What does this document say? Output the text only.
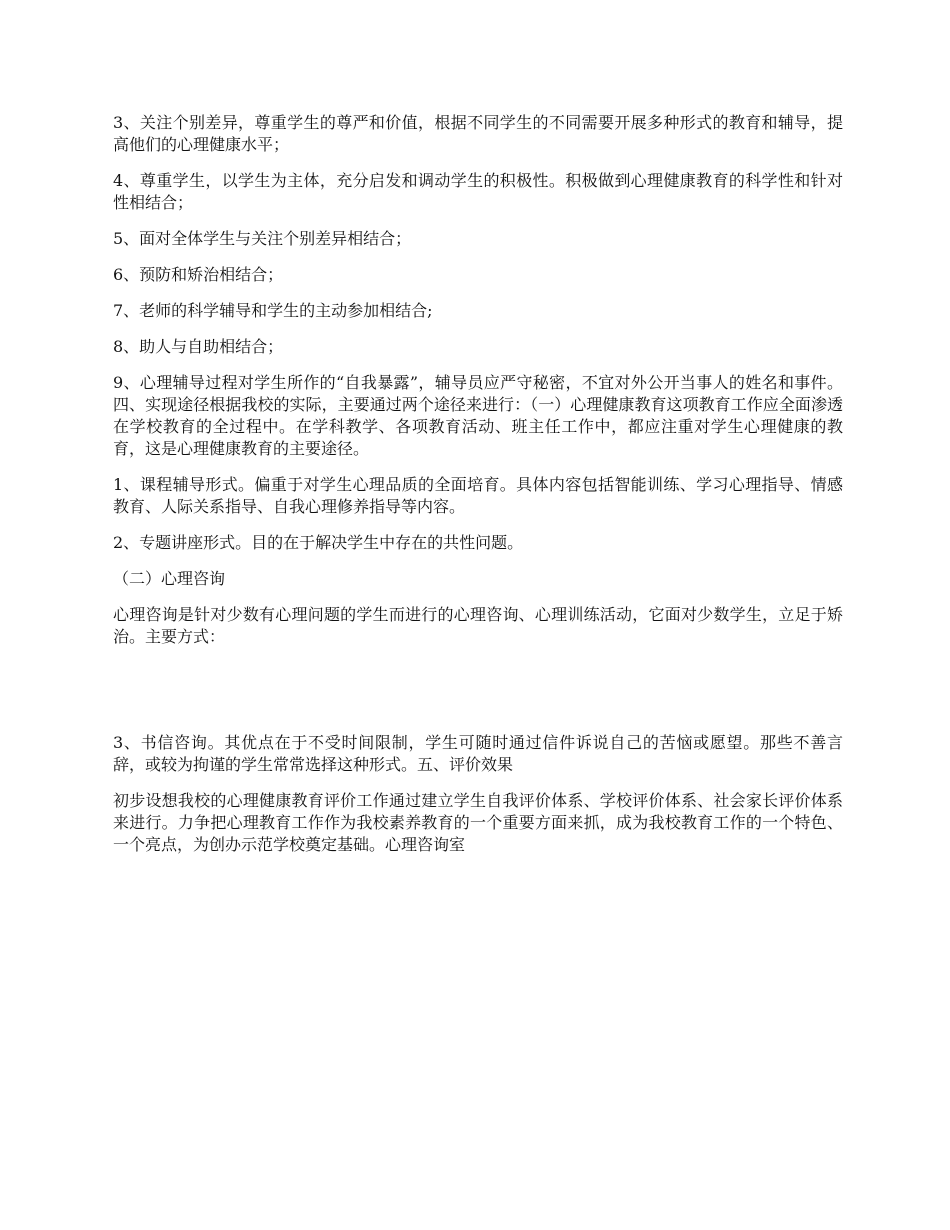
3、关注个别差异，尊重学生的尊严和价值，根据不同学生的不同需要开展多种形式的教育和辅导，提高他们的心理健康水平；

4、尊重学生，以学生为主体，充分启发和调动学生的积极性。积极做到心理健康教育的科学性和针对性相结合；

5、面对全体学生与关注个别差异相结合；

6、预防和矫治相结合；

7、老师的科学辅导和学生的主动参加相结合;

8、助人与自助相结合；

9、心理辅导过程对学生所作的“自我暴露”，辅导员应严守秘密，不宜对外公开当事人的姓名和事件。四、实现途径根据我校的实际，主要通过两个途径来进行：（一）心理健康教育这项教育工作应全面渗透在学校教育的全过程中。在学科教学、各项教育活动、班主任工作中，都应注重对学生心理健康的教育，这是心理健康教育的主要途径。

1、课程辅导形式。偏重于对学生心理品质的全面培育。具体内容包括智能训练、学习心理指导、情感教育、人际关系指导、自我心理修养指导等内容。

2、专题讲座形式。目的在于解决学生中存在的共性问题。

（二）心理咨询

心理咨询是针对少数有心理问题的学生而进行的心理咨询、心理训练活动，它面对少数学生，立足于矫治。主要方式：

3、书信咨询。其优点在于不受时间限制，学生可随时通过信件诉说自己的苦恼或愿望。那些不善言辞，或较为拘谨的学生常常选择这种形式。五、评价效果

初步设想我校的心理健康教育评价工作通过建立学生自我评价体系、学校评价体系、社会家长评价体系来进行。力争把心理教育工作作为我校素养教育的一个重要方面来抓，成为我校教育工作的一个特色、一个亮点，为创办示范学校奠定基础。心理咨询室
